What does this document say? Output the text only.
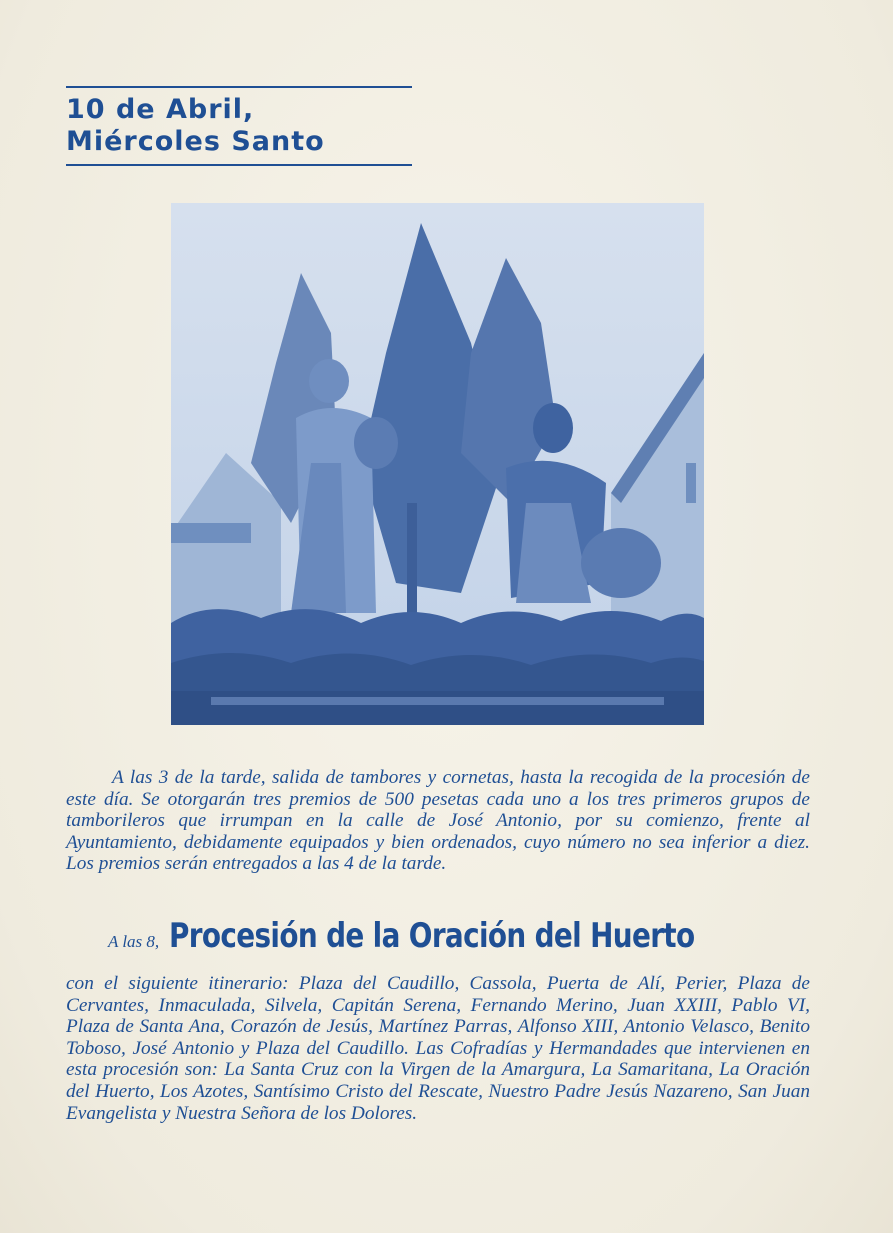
10 de Abril,
Miércoles Santo
A las 3 de la tarde, salida de tambores y cornetas, hasta la recogida de la procesión de este día. Se otorgarán tres premios de 500 pesetas cada uno a los tres primeros grupos de tamborileros que irrumpan en la calle de José Antonio, por su comienzo, frente al Ayuntamiento, debidamente equipados y bien ordenados, cuyo número no sea inferior a diez. Los premios serán entregados a las 4 de la tarde.
A las 8, Procesión de la Oración del Huerto
con el siguiente itinerario: Plaza del Caudillo, Cassola, Puerta de Alí, Perier, Plaza de Cervantes, Inmaculada, Silvela, Capitán Serena, Fernando Merino, Juan XXIII, Pablo VI, Plaza de Santa Ana, Corazón de Jesús, Martínez Parras, Alfonso XIII, Antonio Velasco, Benito Toboso, José Antonio y Plaza del Caudillo. Las Cofradías y Hermandades que intervienen en esta procesión son: La Santa Cruz con la Virgen de la Amargura, La Samaritana, La Oración del Huerto, Los Azotes, Santísimo Cristo del Rescate, Nuestro Padre Jesús Nazareno, San Juan Evangelista y Nuestra Señora de los Dolores.
